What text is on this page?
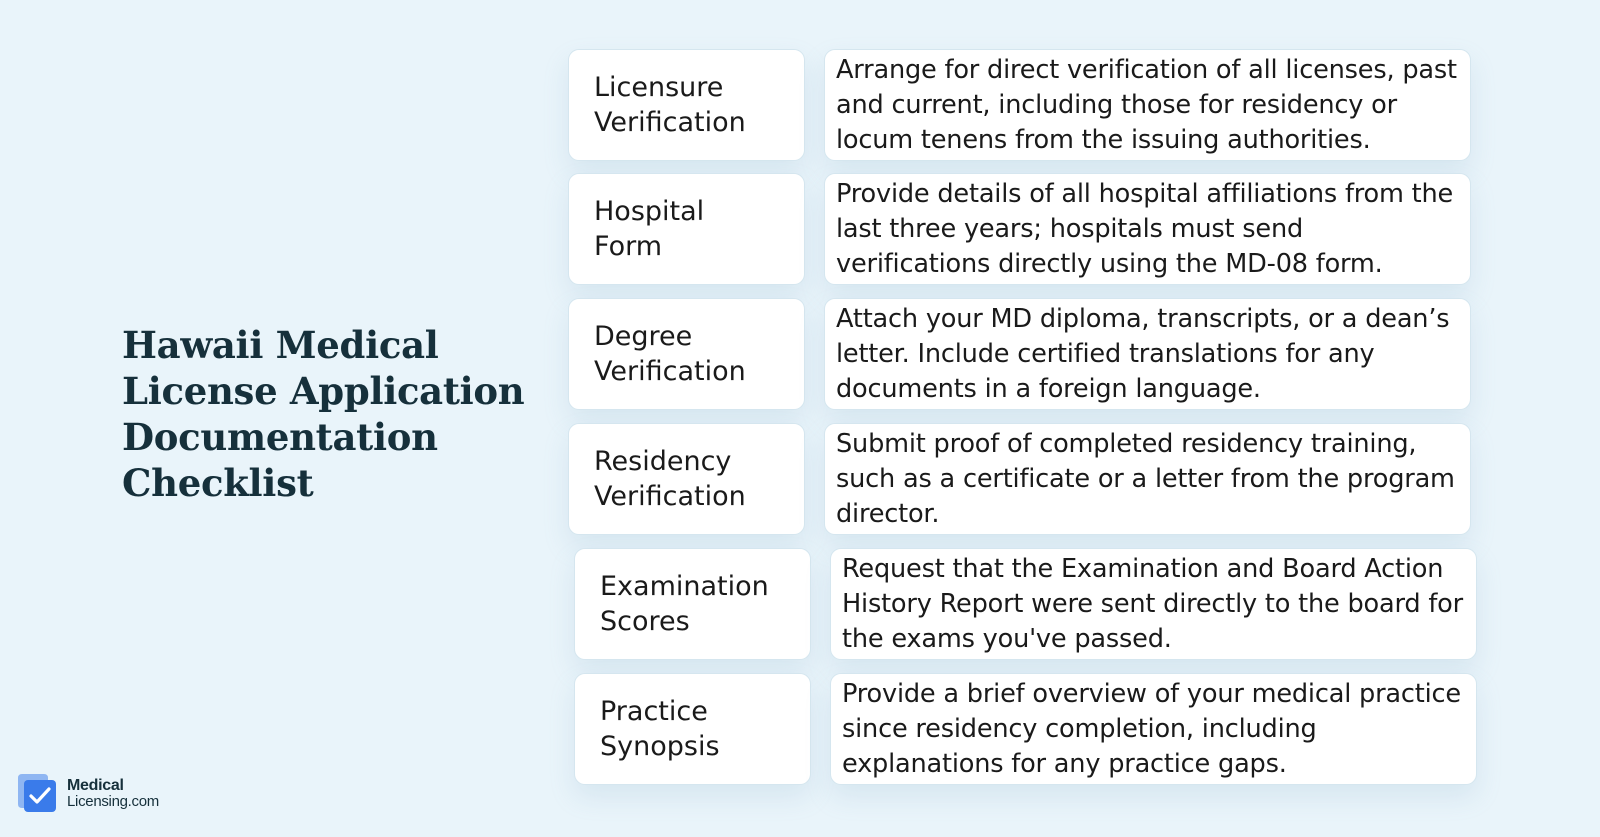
Hawaii Medical
License Application
Documentation
Checklist
Licensure
Verification
Arrange for direct verification of all licenses, past and current, including those for residency or locum tenens from the issuing authorities.
Hospital
Form
Provide details of all hospital affiliations from the last three years; hospitals must send verifications directly using the MD-08 form.
Degree
Verification
Attach your MD diploma, transcripts, or a dean’s letter. Include certified translations for any documents in a foreign language.
Residency
Verification
Submit proof of completed residency training, such as a certificate or a letter from the program director.
Examination
Scores
Request that the Examination and Board Action History Report were sent directly to the board for the exams you've passed.
Practice
Synopsis
Provide a brief overview of your medical practice since residency completion, including explanations for any practice gaps.
Medical
Licensing.com
